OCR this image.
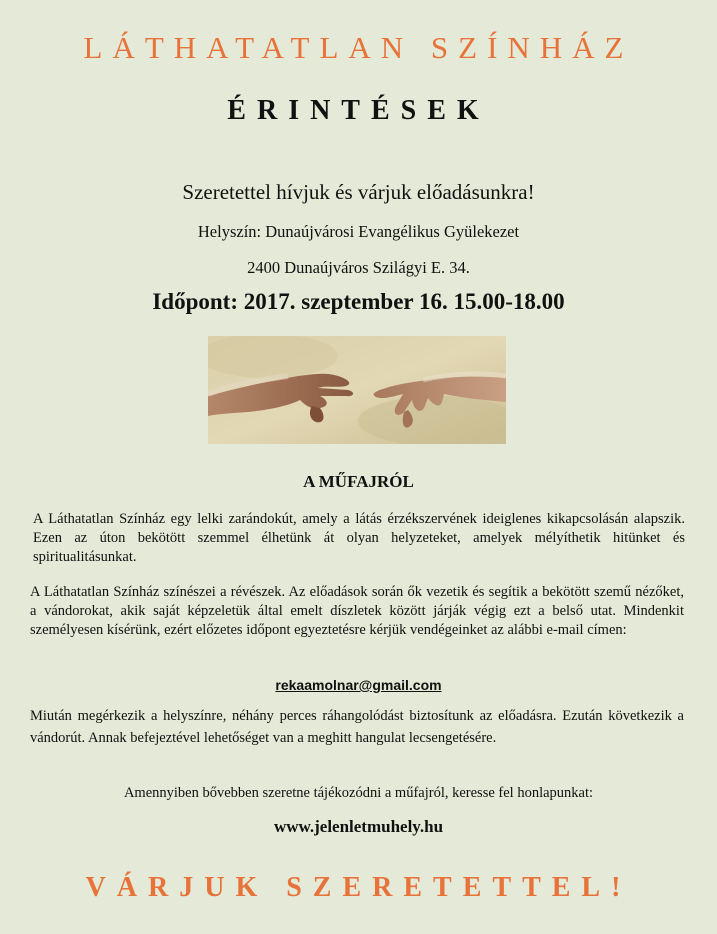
LÁTHATATLAN SZÍNHÁZ
ÉRINTÉSEK
Szeretettel hívjuk és várjuk előadásunkra!
Helyszín: Dunaújvárosi Evangélikus Gyülekezet
2400 Dunaújváros Szilágyi E. 34.
Időpont: 2017. szeptember 16. 15.00-18.00
A MŰFAJRÓL
A Láthatatlan Színház egy lelki zarándokút, amely a látás érzékszervének ideiglenes kikapcsolásán alapszik. Ezen az úton bekötött szemmel élhetünk át olyan helyzeteket, amelyek mélyíthetik hitünket és spiritualitásunkat.
A Láthatatlan Színház színészei a révészek. Az előadások során ők vezetik és segítik a bekötött szemű nézőket, a vándorokat, akik saját képzeletük által emelt díszletek között járják végig ezt a belső utat. Mindenkit személyesen kísérünk, ezért előzetes időpont egyeztetésre kérjük vendégeinket az alábbi e-mail címen:
rekaamolnar@gmail.com
Miután megérkezik a helyszínre, néhány perces ráhangolódást biztosítunk az előadásra. Ezután következik a vándorút. Annak befejeztével lehetőséget van a meghitt hangulat lecsengetésére.
Amennyiben bővebben szeretne tájékozódni a műfajról, keresse fel honlapunkat:
www.jelenletmuhely.hu
VÁRJUK SZERETETTEL!
